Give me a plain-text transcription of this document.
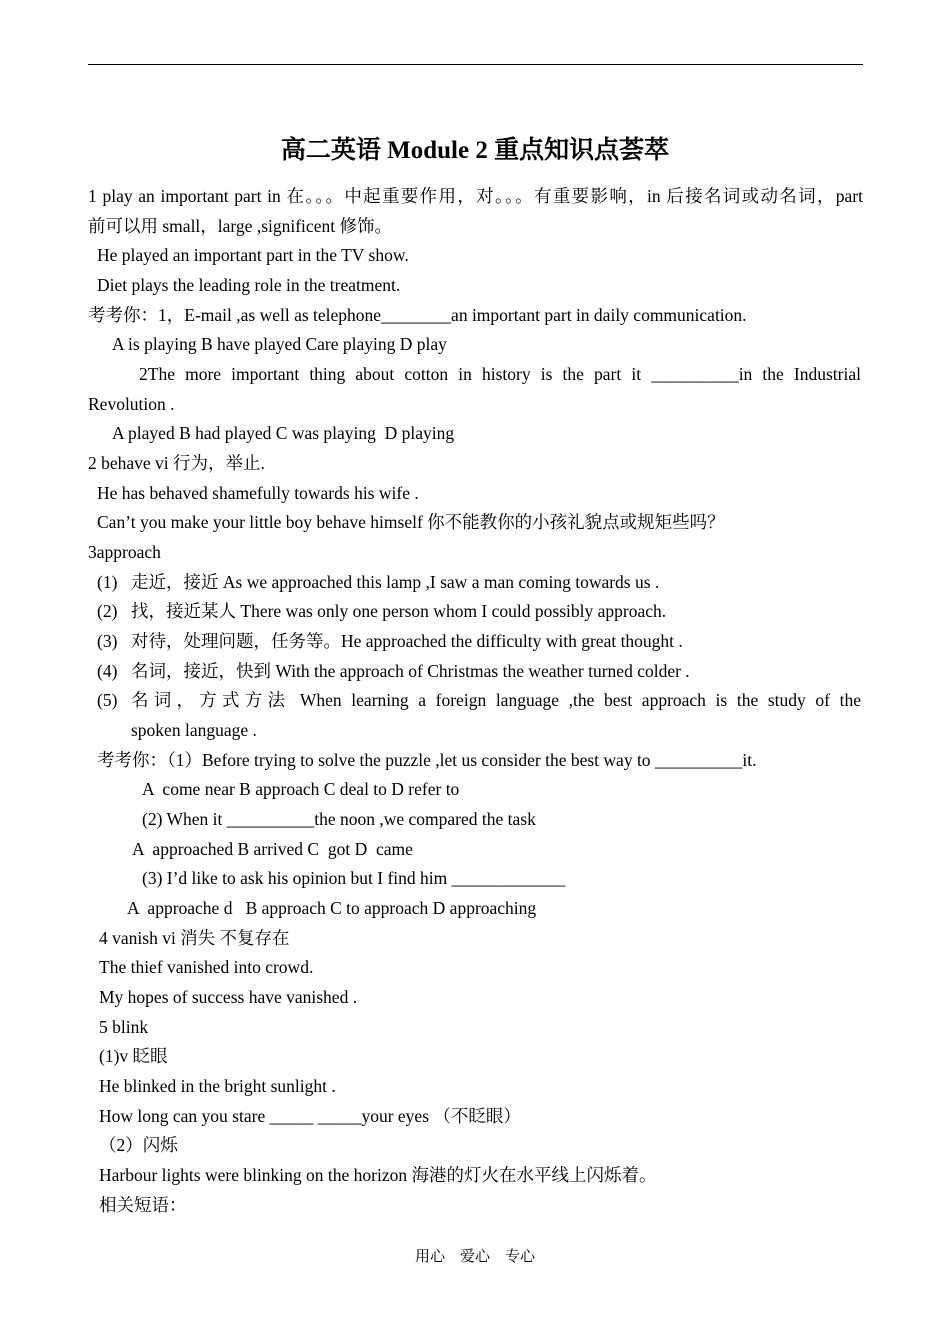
高二英语 Module 2 重点知识点荟萃
1 play an important part in 在。。。中起重要作用，对。。。有重要影响，in 后接名词或动名词，part
前可以用 small，large ,significent 修饰。
He played an important part in the TV show.
Diet plays the leading role in the treatment.
考考你：1，E-mail ,as well as telephone________an important part in daily communication.
A is playing B have played Care playing D play
2The more important thing about cotton in history is the part it __________in the Industrial
Revolution .
A played B had played C was playing  D playing
2 behave vi 行为，举止.
He has behaved shamefully towards his wife .
Can’t you make your little boy behave himself 你不能教你的小孩礼貌点或规矩些吗？
3approach
(1) 走近，接近 As we approached this lamp ,I saw a man coming towards us .
(2) 找，接近某人 There was only one person whom I could possibly approach.
(3) 对待，处理问题，任务等。He approached the difficulty with great thought .
(4) 名词，接近，快到 With the approach of Christmas the weather turned colder .
(5) 名词，方式方法 When learning a foreign language ,the best approach is the study of the
spoken language .
考考你：（1）Before trying to solve the puzzle ,let us consider the best way to __________it.
A  come near B approach C deal to D refer to
(2) When it __________the noon ,we compared the task
A  approached B arrived C  got D  came
(3) I’d like to ask his opinion but I find him _____________
A  approache d   B approach C to approach D approaching
4 vanish vi 消失 不复存在
The thief vanished into crowd.
My hopes of success have vanished .
5 blink
(1)v 眨眼
He blinked in the bright sunlight .
How long can you stare _____ _____your eyes （不眨眼）
（2）闪烁
Harbour lights were blinking on the horizon 海港的灯火在水平线上闪烁着。
相关短语：
用心    爱心    专心
